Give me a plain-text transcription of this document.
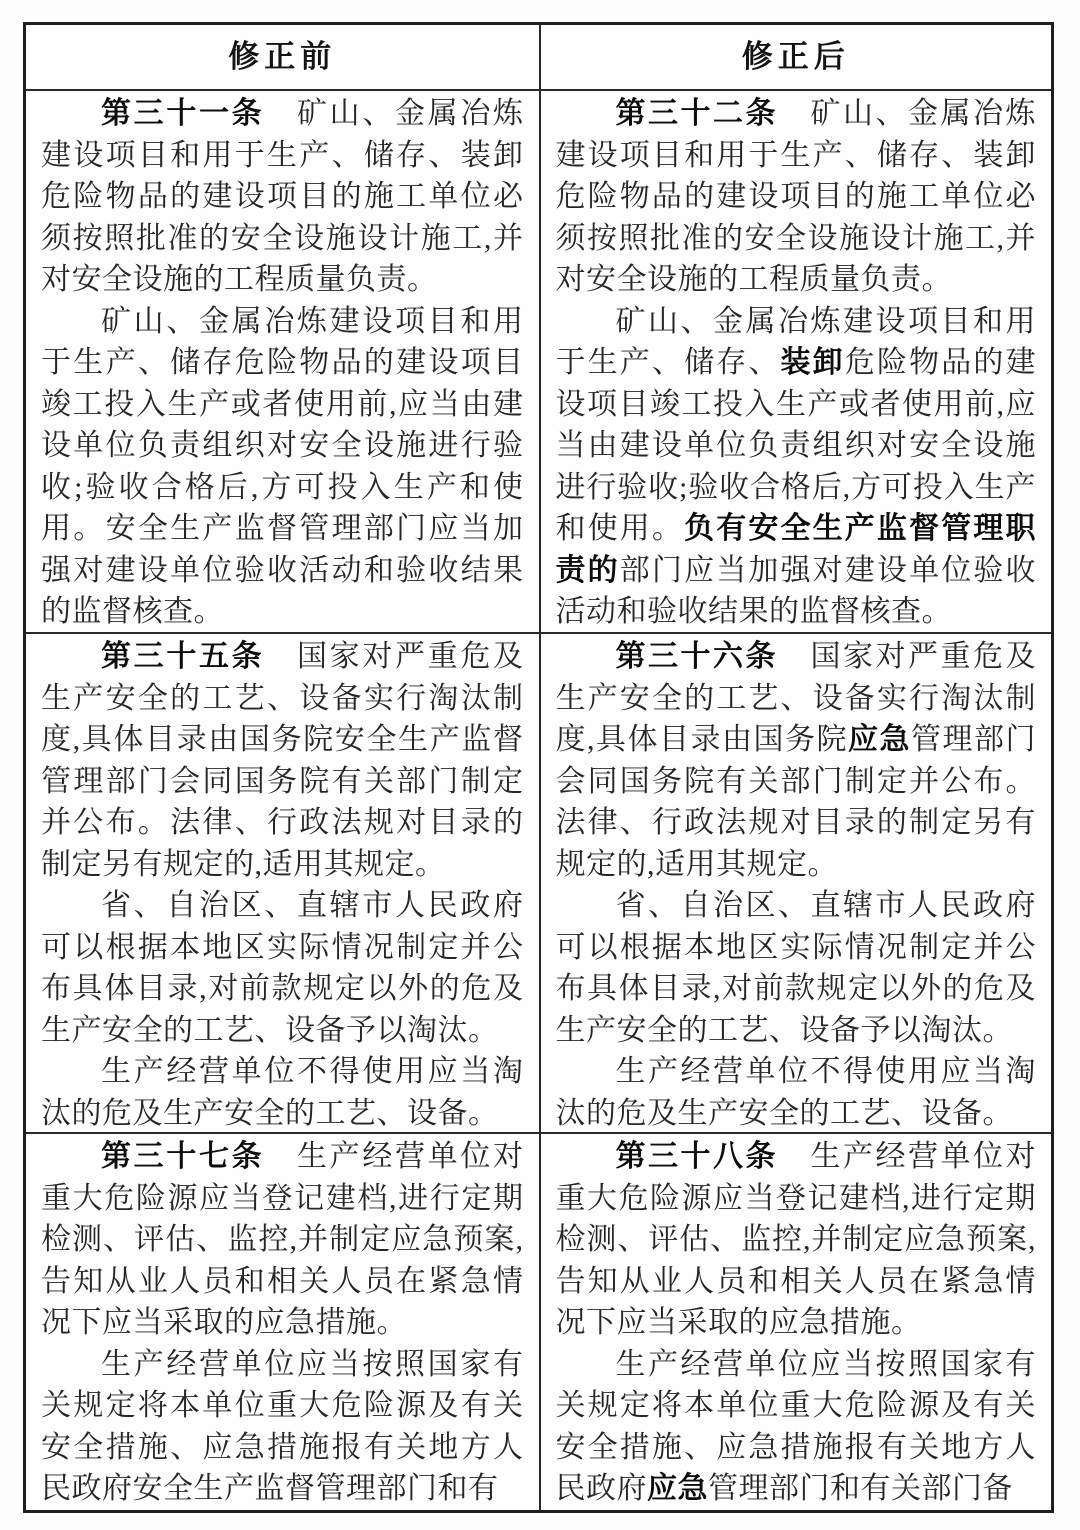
修正前	修正后

第三十一条　矿山、金属冶炼建设项目和用于生产、储存、装卸危险物品的建设项目的施工单位必须按照批准的安全设施设计施工,并对安全设施的工程质量负责。

矿山、金属冶炼建设项目和用于生产、储存危险物品的建设项目竣工投入生产或者使用前,应当由建设单位负责组织对安全设施进行验收;验收合格后,方可投入生产和使用。安全生产监督管理部门应当加强对建设单位验收活动和验收结果的监督核查。

第三十二条　矿山、金属冶炼建设项目和用于生产、储存、装卸危险物品的建设项目的施工单位必须按照批准的安全设施设计施工,并对安全设施的工程质量负责。

矿山、金属冶炼建设项目和用于生产、储存、装卸危险物品的建设项目竣工投入生产或者使用前,应当由建设单位负责组织对安全设施进行验收;验收合格后,方可投入生产和使用。负有安全生产监督管理职责的部门应当加强对建设单位验收活动和验收结果的监督核查。

第三十五条　国家对严重危及生产安全的工艺、设备实行淘汰制度,具体目录由国务院安全生产监督管理部门会同国务院有关部门制定并公布。法律、行政法规对目录的制定另有规定的,适用其规定。

省、自治区、直辖市人民政府可以根据本地区实际情况制定并公布具体目录,对前款规定以外的危及生产安全的工艺、设备予以淘汰。

生产经营单位不得使用应当淘汰的危及生产安全的工艺、设备。

第三十六条　国家对严重危及生产安全的工艺、设备实行淘汰制度,具体目录由国务院应急管理部门会同国务院有关部门制定并公布。法律、行政法规对目录的制定另有规定的,适用其规定。

省、自治区、直辖市人民政府可以根据本地区实际情况制定并公布具体目录,对前款规定以外的危及生产安全的工艺、设备予以淘汰。

生产经营单位不得使用应当淘汰的危及生产安全的工艺、设备。

第三十七条　生产经营单位对重大危险源应当登记建档,进行定期检测、评估、监控,并制定应急预案,告知从业人员和相关人员在紧急情况下应当采取的应急措施。

生产经营单位应当按照国家有关规定将本单位重大危险源及有关安全措施、应急措施报有关地方人民政府安全生产监督管理部门和有

第三十八条　生产经营单位对重大危险源应当登记建档,进行定期检测、评估、监控,并制定应急预案,告知从业人员和相关人员在紧急情况下应当采取的应急措施。

生产经营单位应当按照国家有关规定将本单位重大危险源及有关安全措施、应急措施报有关地方人民政府应急管理部门和有关部门备
